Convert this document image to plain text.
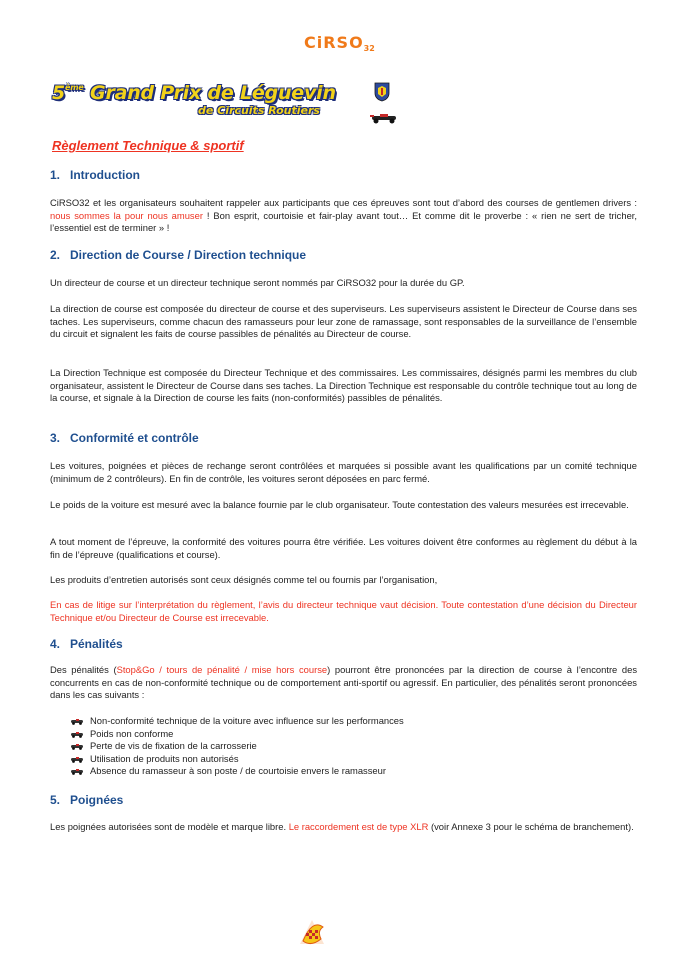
CiRSO32
5ème Grand Prix de Léguevin
de Circuits Routiers
Règlement Technique & sportif
1. Introduction

CiRSO32 et les organisateurs souhaitent rappeler aux participants que ces épreuves sont tout d’abord des courses de gentlemen drivers : nous sommes la pour nous amuser ! Bon esprit, courtoisie et fair-play avant tout… Et comme dit le proverbe : « rien ne sert de tricher, l’essentiel est de terminer » !

2. Direction de Course / Direction technique

Un directeur de course et un directeur technique seront nommés par CiRSO32 pour la durée du GP.

La direction de course est composée du directeur de course et des superviseurs. Les superviseurs assistent le Directeur de Course dans ses taches. Les superviseurs, comme chacun des ramasseurs pour leur zone de ramassage, sont responsables de la surveillance de l’ensemble du circuit et signalent les faits de course passibles de pénalités au Directeur de course.

La Direction Technique est composée du Directeur Technique et des commissaires. Les commissaires, désignés parmi les membres du club organisateur, assistent le Directeur de Course dans ses taches. La Direction Technique est responsable du contrôle technique tout au long de la course, et signale à la Direction de course les faits (non-conformités) passibles de pénalités.

3. Conformité et contrôle

Les voitures, poignées et pièces de rechange seront contrôlées et marquées si possible avant les qualifications par un comité technique (minimum de 2 contrôleurs). En fin de contrôle, les voitures seront déposées en parc fermé.

Le poids de la voiture est mesuré avec la balance fournie par le club organisateur. Toute contestation des valeurs mesurées est irrecevable.

A tout moment de l’épreuve, la conformité des voitures pourra être vérifiée. Les voitures doivent être conformes au règlement du début à la fin de l’épreuve (qualifications et course).

Les produits d’entretien autorisés sont ceux désignés comme tel ou fournis par l’organisation,

En cas de litige sur l’interprétation du règlement, l’avis du directeur technique vaut décision. Toute contestation d’une décision du Directeur Technique et/ou Directeur de Course est irrecevable.

4. Pénalités

Des pénalités (Stop&Go / tours de pénalité / mise hors course) pourront être prononcées par la direction de course à l’encontre des concurrents en cas de non-conformité technique ou de comportement anti-sportif ou agressif. En particulier, des pénalités seront prononcées dans les cas suivants :

Non-conformité technique de la voiture avec influence sur les performances
Poids non conforme
Perte de vis de fixation de la carrosserie
Utilisation de produits non autorisés
Absence du ramasseur à son poste / de courtoisie envers le ramasseur
5. Poignées

Les poignées autorisées sont de modèle et marque libre. Le raccordement est de type XLR (voir Annexe 3 pour le schéma de branchement).
